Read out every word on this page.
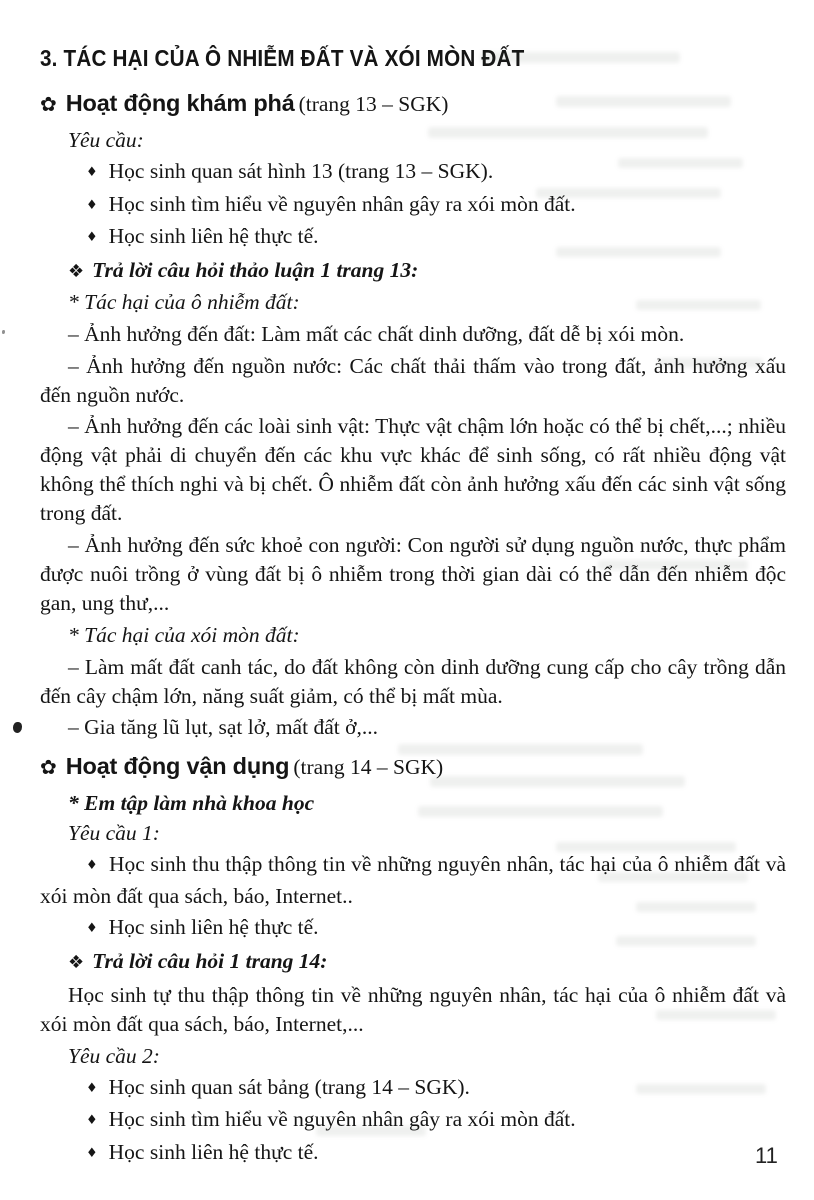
3. TÁC HẠI CỦA Ô NHIỄM ĐẤT VÀ XÓI MÒN ĐẤT
✿ Hoạt động khám phá (trang 13 – SGK)

Yêu cầu:

♦ Học sinh quan sát hình 13 (trang 13 – SGK).

♦ Học sinh tìm hiểu về nguyên nhân gây ra xói mòn đất.

♦ Học sinh liên hệ thực tế.

❖ Trả lời câu hỏi thảo luận 1 trang 13:

* Tác hại của ô nhiễm đất:

– Ảnh hưởng đến đất: Làm mất các chất dinh dưỡng, đất dễ bị xói mòn.

– Ảnh hưởng đến nguồn nước: Các chất thải thấm vào trong đất, ảnh hưởng xấu đến nguồn nước.

– Ảnh hưởng đến các loài sinh vật: Thực vật chậm lớn hoặc có thể bị chết,...; nhiều động vật phải di chuyển đến các khu vực khác để sinh sống, có rất nhiều động vật không thể thích nghi và bị chết. Ô nhiễm đất còn ảnh hưởng xấu đến các sinh vật sống trong đất.

– Ảnh hưởng đến sức khoẻ con người: Con người sử dụng nguồn nước, thực phẩm được nuôi trồng ở vùng đất bị ô nhiễm trong thời gian dài có thể dẫn đến nhiễm độc gan, ung thư,...

* Tác hại của xói mòn đất:

– Làm mất đất canh tác, do đất không còn dinh dưỡng cung cấp cho cây trồng dẫn đến cây chậm lớn, năng suất giảm, có thể bị mất mùa.

– Gia tăng lũ lụt, sạt lở, mất đất ở,...

✿ Hoạt động vận dụng (trang 14 – SGK)

* Em tập làm nhà khoa học

Yêu cầu 1:

♦ Học sinh thu thập thông tin về những nguyên nhân, tác hại của ô nhiễm đất và xói mòn đất qua sách, báo, Internet..

♦ Học sinh liên hệ thực tế.

❖ Trả lời câu hỏi 1 trang 14:

Học sinh tự thu thập thông tin về những nguyên nhân, tác hại của ô nhiễm đất và xói mòn đất qua sách, báo, Internet,...

Yêu cầu 2:

♦ Học sinh quan sát bảng (trang 14 – SGK).

♦ Học sinh tìm hiểu về nguyên nhân gây ra xói mòn đất.

♦ Học sinh liên hệ thực tế.	11
